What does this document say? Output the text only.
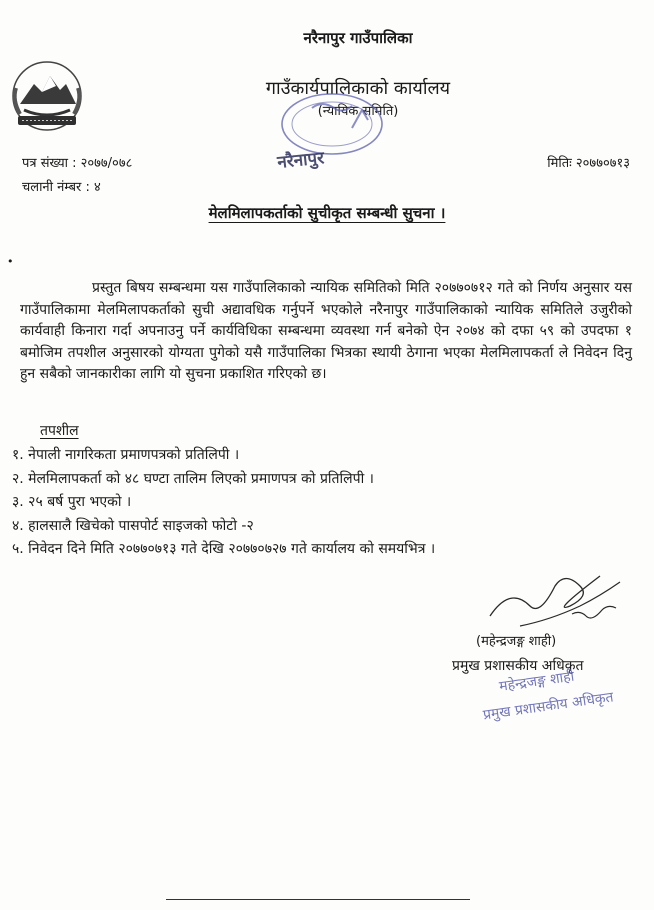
नरैनापुर गाउँपालिका
गाउँकार्यपालिकाको कार्यालय
(न्यायिक समिति)
नरैनापुर
पत्र संख्या : २०७७/०७८
चलानी नंम्बर : ४
मितिः २०७७०७१३
मेलमिलापकर्ताको सुचीकृत सम्बन्धी सुचना ।
•

प्रस्तुत बिषय सम्बन्धमा यस गाउँपालिकाको न्यायिक समितिको मिति २०७७०७१२ गते को निर्णय अनुसार यस गाउँपालिकामा मेलमिलापकर्ताको सुची अद्यावधिक गर्नुपर्ने भएकोले नरैनापुर गाउँपालिकाको न्यायिक समितिले उजुरीको कार्यवाही किनारा गर्दा अपनाउनु पर्ने कार्यविधिका सम्बन्धमा व्यवस्था गर्न बनेको ऐन २०७४ को दफा ५९ को उपदफा १ बमोजिम तपशील अनुसारको योग्यता पुगेको यसै गाउँपालिका भित्रका स्थायी ठेगाना भएका मेलमिलापकर्ता ले निवेदन दिनु हुन सबैको जानकारीका लागि यो सुचना प्रकाशित गरिएको छ।

तपशील
१. नेपाली नागरिकता प्रमाणपत्रको प्रतिलिपी ।
२. मेलमिलापकर्ता को ४८ घण्टा तालिम लिएको प्रमाणपत्र को प्रतिलिपी ।
३. २५ बर्ष पुरा भएको ।
४. हालसालै खिचेको पासपोर्ट साइजको फोटो -२
५. निवेदन दिने मिति २०७७०७१३ गते देखि २०७७०७२७ गते कार्यालय को समयभित्र ।
(महेन्द्रजङ्ग शाही)
प्रमुख प्रशासकीय अधिकृत
महेन्द्रजङ्ग शाही
प्रमुख प्रशासकीय अधिकृत
